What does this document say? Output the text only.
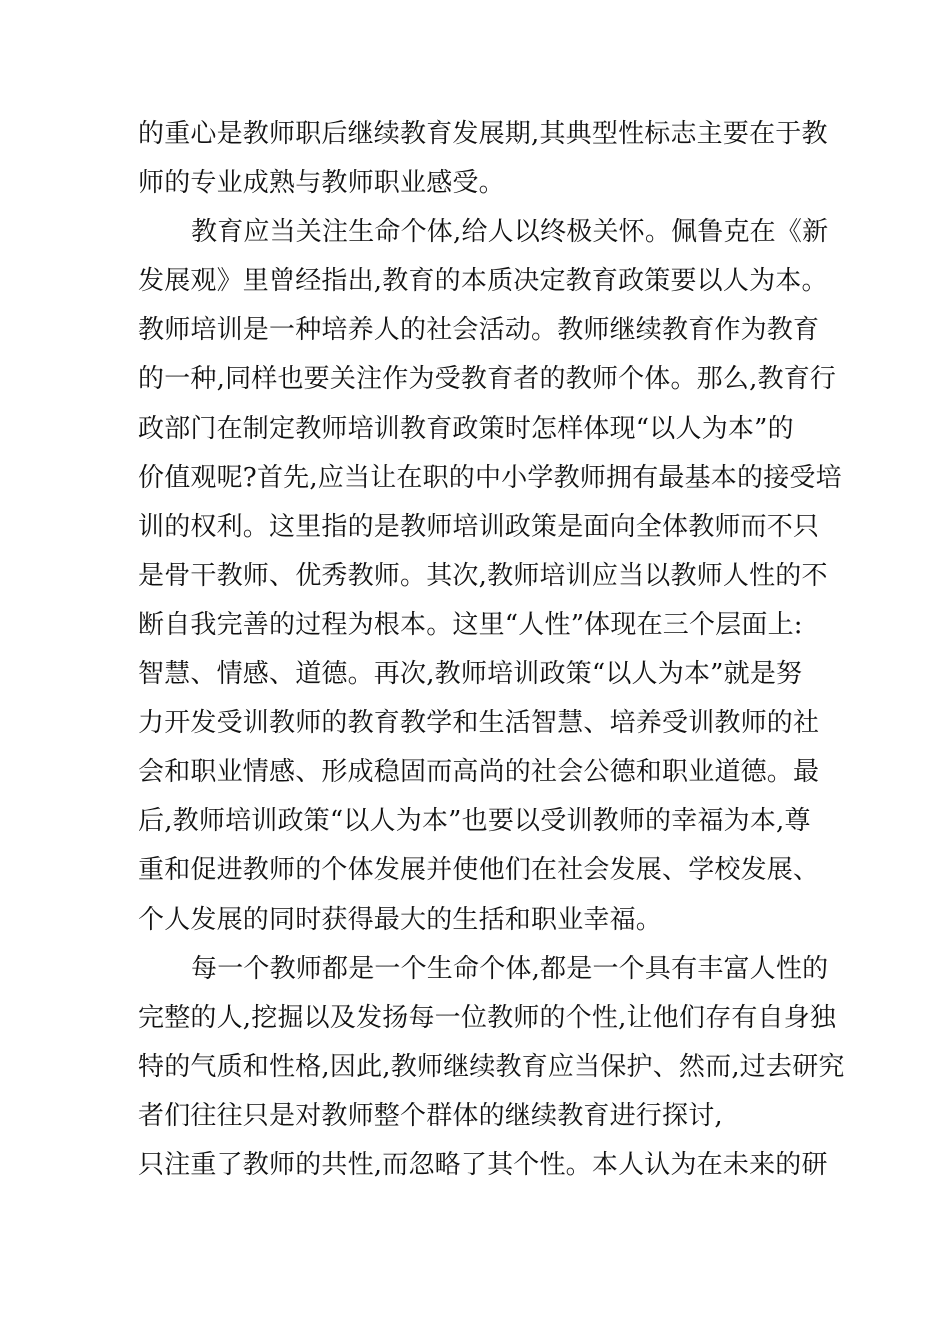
的重心是教师职后继续教育发展期,其典型性标志主要在于教
师的专业成熟与教师职业感受。
教育应当关注生命个体,给人以终极关怀。佩鲁克在《新
发展观》里曾经指出,教育的本质决定教育政策要以人为本。
教师培训是一种培养人的社会活动。教师继续教育作为教育
的一种,同样也要关注作为受教育者的教师个体。那么,教育行
政部门在制定教师培训教育政策时怎样体现“以人为本”的
价值观呢?首先,应当让在职的中小学教师拥有最基本的接受培
训的权利。这里指的是教师培训政策是面向全体教师而不只
是骨干教师、优秀教师。其次,教师培训应当以教师人性的不
断自我完善的过程为根本。这里“人性”体现在三个层面上:
智慧、情感、道德。再次,教师培训政策“以人为本”就是努
力开发受训教师的教育教学和生活智慧、培养受训教师的社
会和职业情感、形成稳固而高尚的社会公德和职业道德。最
后,教师培训政策“以人为本”也要以受训教师的幸福为本,尊
重和促进教师的个体发展并使他们在社会发展、学校发展、
个人发展的同时获得最大的生括和职业幸福。
每一个教师都是一个生命个体,都是一个具有丰富人性的
完整的人,挖掘以及发扬每一位教师的个性,让他们存有自身独
特的气质和性格,因此,教师继续教育应当保护、然而,过去研究
者们往往只是对教师整个群体的继续教育进行探讨,
只注重了教师的共性,而忽略了其个性。本人认为在未来的研
